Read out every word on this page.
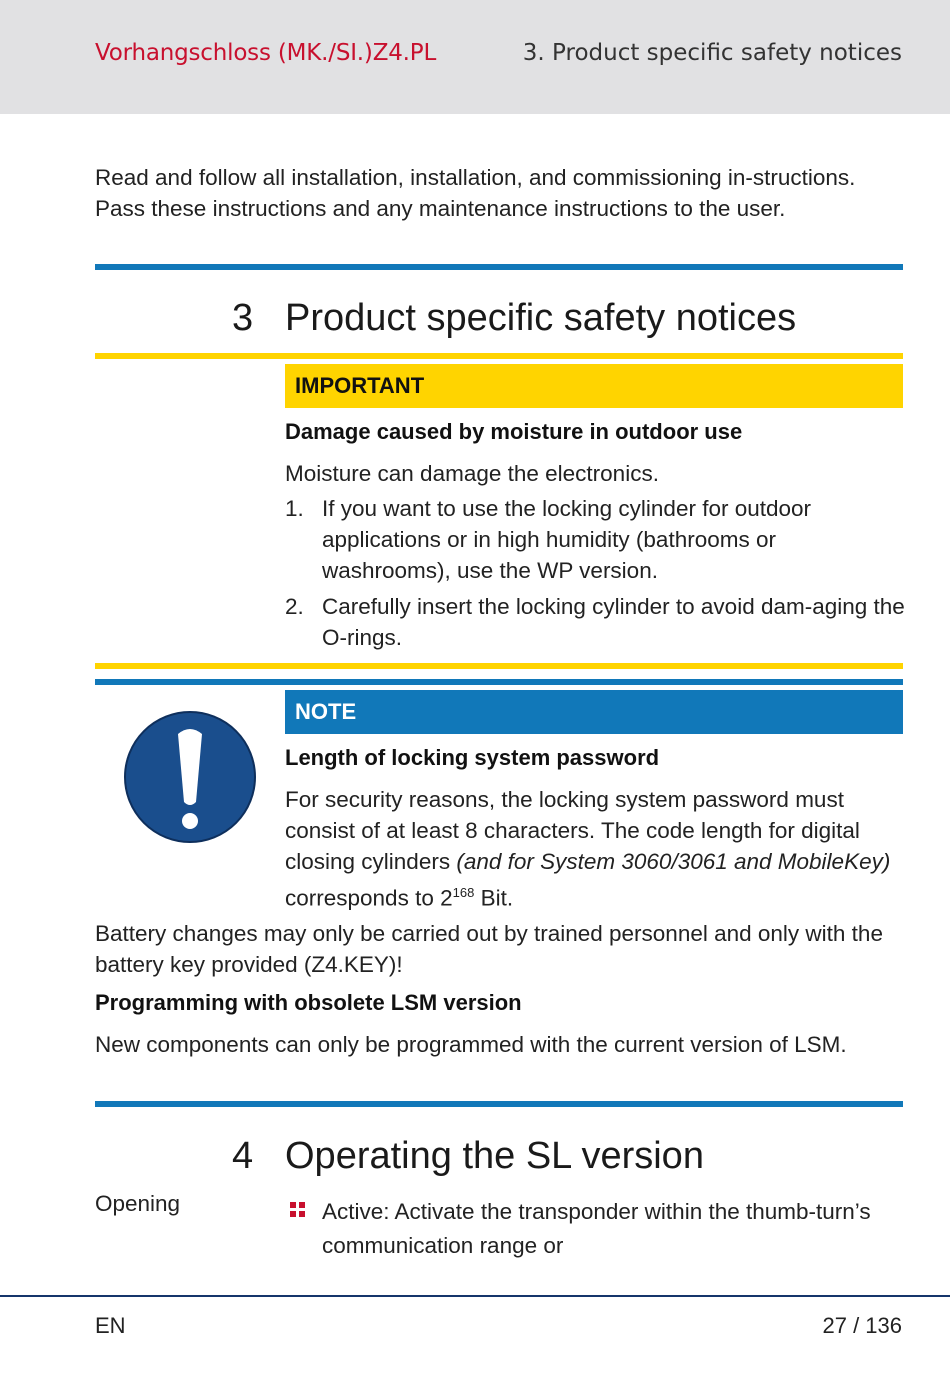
Vorhangschloss (MK./SI.)Z4.PL	3. Product specific safety notices
Read and follow all installation, installation, and commissioning in-structions. Pass these instructions and any maintenance instructions to the user.
3 Product specific safety notices
IMPORTANT
Damage caused by moisture in outdoor use
Moisture can damage the electronics.
1. If you want to use the locking cylinder for outdoor applications or in high humidity (bathrooms or washrooms), use the WP version.
2. Carefully insert the locking cylinder to avoid dam-aging the O-rings.
NOTE
Length of locking system password
For security reasons, the locking system password must consist of at least 8 characters. The code length for digital closing cylinders (and for System 3060/3061 and MobileKey) corresponds to $2^{168}$ Bit.
Battery changes may only be carried out by trained personnel and only with the battery key provided (Z4.KEY)!
Programming with obsolete LSM version
New components can only be programmed with the current version of LSM.
4 Operating the SL version
Opening	Active: Activate the transponder within the thumb-turn’s communication range or
EN	27 / 136
